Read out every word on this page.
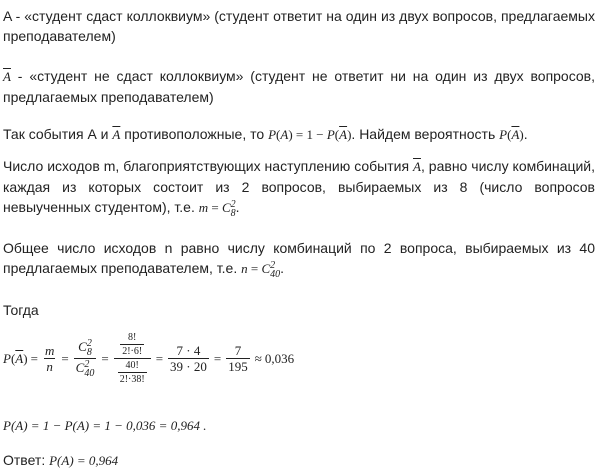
A - «студент сдаст коллоквиум» (студент ответит на один из двух вопросов, предлагаемых преподавателем)
$\overline{A}$ - «студент не сдаст коллоквиум» (студент не ответит ни на один из двух вопросов, предлагаемых преподавателем)
Так события А и $\overline{A}$ противоположные, то $P(A) = 1 - P(\overline{A})$. Найдем вероятность $P(\overline{A})$.
Число исходов m, благоприятствующих наступлению события $\overline{A}$, равно числу комбинаций, каждая из которых состоит из 2 вопросов, выбираемых из 8 (число вопросов невыученных студентом), т.е. m = C 2
8 .
Общее число исходов n равно числу комбинаций по 2 вопроса, выбираемых из 40 предлагаемых преподавателем, т.е. n = C 2
40 .
Тогда
$P(\overline{A}) = \frac{m}{n} = C$ 2
8
C 2
$40 = \frac{\frac{8!}{2!\cdot 6!}}{\frac{40!}{2!\cdot 38!}} = \frac{7 \cdot 4}{39 \cdot 20} = \frac{7}{195} \approx 0,036$
P(A) = 1 − P(A) = 1 − 0,036 = 0,964 .
Ответ: P(A) = 0,964
